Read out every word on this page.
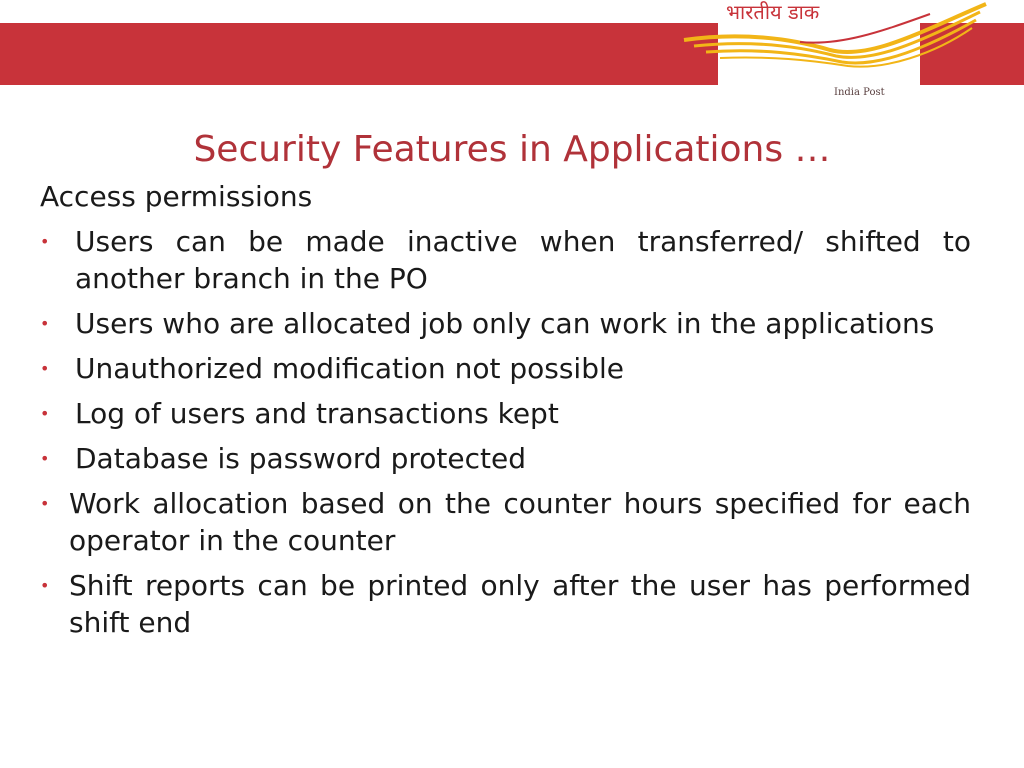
भारतीय डाक
India Post
Security Features in Applications …
Access permissions
• Users can be made inactive when transferred/ shifted to another branch in the PO
• Users who are allocated job only can work in the applications
• Unauthorized modification not possible
• Log of users and transactions kept
• Database is password protected
• Work allocation based on the counter hours specified for each operator in the counter
• Shift reports can be printed only after the user has performed shift end
